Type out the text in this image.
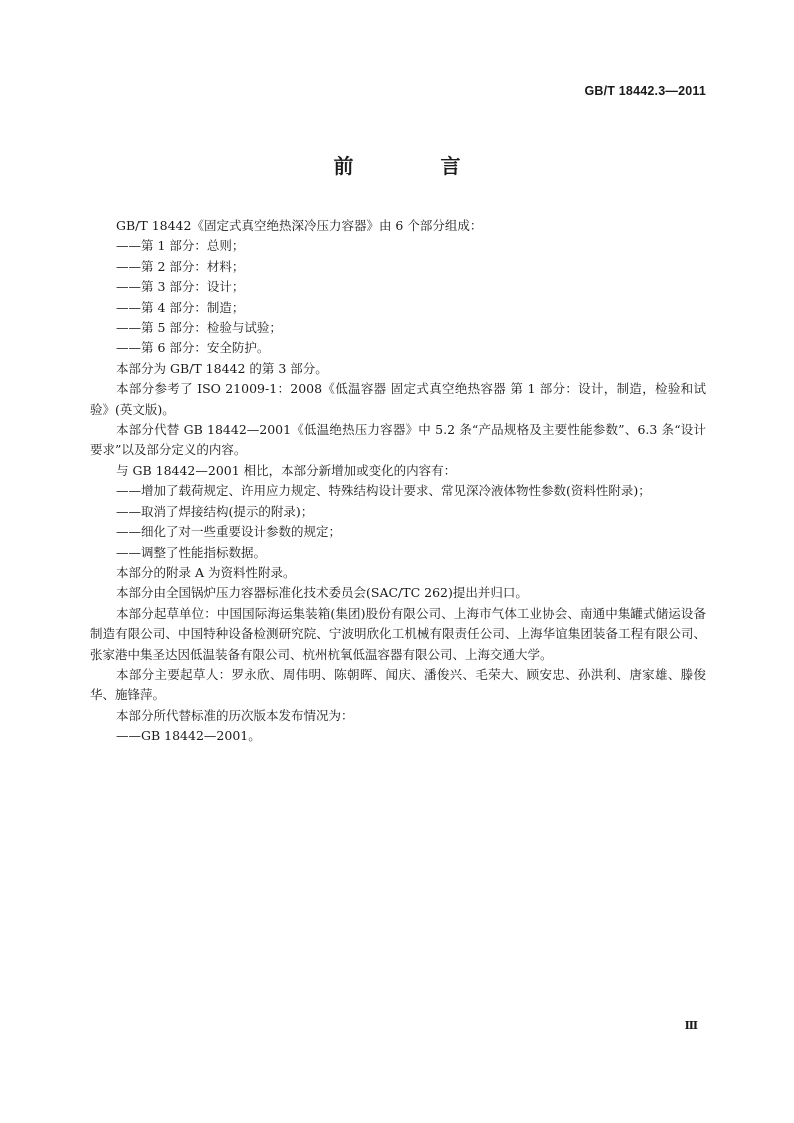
GB/T 18442.3—2011
前 言

GB/T 18442《固定式真空绝热深冷压力容器》由 6 个部分组成：

——第 1 部分：总则；

——第 2 部分：材料；

——第 3 部分：设计；

——第 4 部分：制造；

——第 5 部分：检验与试验；

——第 6 部分：安全防护。

本部分为 GB/T 18442 的第 3 部分。

本部分参考了 ISO 21009-1：2008《低温容器 固定式真空绝热容器 第 1 部分：设计，制造，检验和试验》(英文版)。

本部分代替 GB 18442—2001《低温绝热压力容器》中 5.2 条“产品规格及主要性能参数”、6.3 条“设计要求”以及部分定义的内容。

与 GB 18442—2001 相比，本部分新增加或变化的内容有：

——增加了载荷规定、许用应力规定、特殊结构设计要求、常见深冷液体物性参数(资料性附录)；

——取消了焊接结构(提示的附录)；

——细化了对一些重要设计参数的规定；

——调整了性能指标数据。

本部分的附录 A 为资料性附录。

本部分由全国锅炉压力容器标准化技术委员会(SAC/TC 262)提出并归口。

本部分起草单位：中国国际海运集装箱(集团)股份有限公司、上海市气体工业协会、南通中集罐式储运设备制造有限公司、中国特种设备检测研究院、宁波明欣化工机械有限责任公司、上海华谊集团装备工程有限公司、张家港中集圣达因低温装备有限公司、杭州杭氧低温容器有限公司、上海交通大学。

本部分主要起草人：罗永欣、周伟明、陈朝晖、闻庆、潘俊兴、毛荣大、顾安忠、孙洪利、唐家雄、滕俊华、施锋萍。

本部分所代替标准的历次版本发布情况为：

——GB 18442—2001。

Ⅲ
